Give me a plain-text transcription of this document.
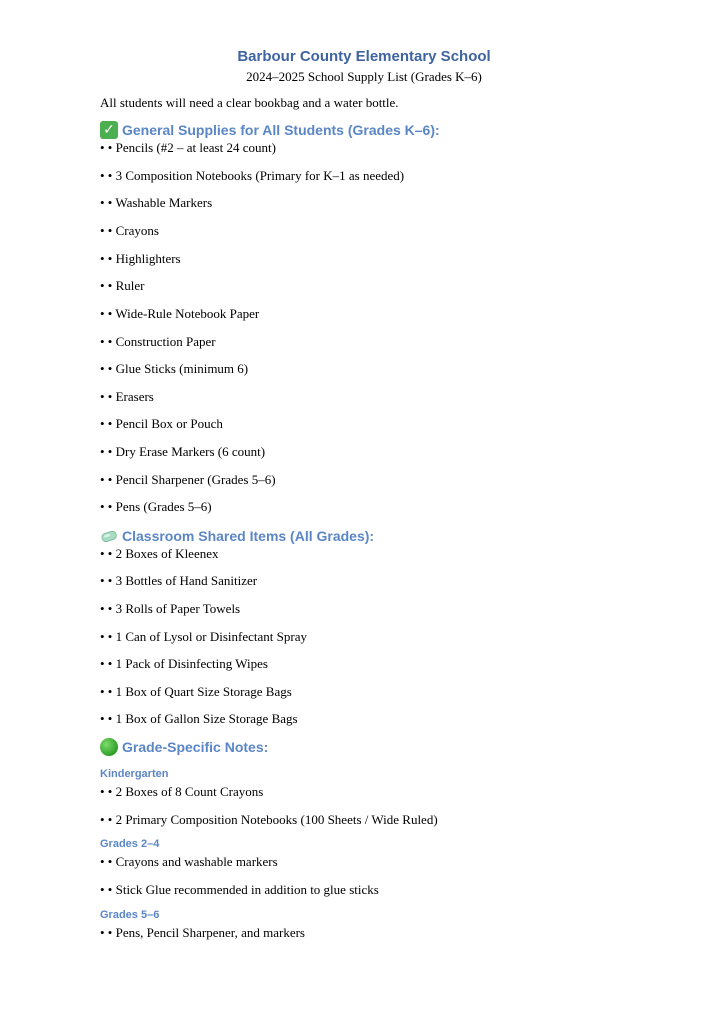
Barbour County Elementary School
2024–2025 School Supply List (Grades K–6)
All students will need a clear bookbag and a water bottle.
✓ General Supplies for All Students (Grades K–6):
• • Pencils (#2 – at least 24 count)
• • 3 Composition Notebooks (Primary for K–1 as needed)
• • Washable Markers
• • Crayons
• • Highlighters
• • Ruler
• • Wide-Rule Notebook Paper
• • Construction Paper
• • Glue Sticks (minimum 6)
• • Erasers
• • Pencil Box or Pouch
• • Dry Erase Markers (6 count)
• • Pencil Sharpener (Grades 5–6)
• • Pens (Grades 5–6)
Classroom Shared Items (All Grades):
• • 2 Boxes of Kleenex
• • 3 Bottles of Hand Sanitizer
• • 3 Rolls of Paper Towels
• • 1 Can of Lysol or Disinfectant Spray
• • 1 Pack of Disinfecting Wipes
• • 1 Box of Quart Size Storage Bags
• • 1 Box of Gallon Size Storage Bags
Grade-Specific Notes:
Kindergarten
• • 2 Boxes of 8 Count Crayons
• • 2 Primary Composition Notebooks (100 Sheets / Wide Ruled)
Grades 2–4
• • Crayons and washable markers
• • Stick Glue recommended in addition to glue sticks
Grades 5–6
• • Pens, Pencil Sharpener, and markers
